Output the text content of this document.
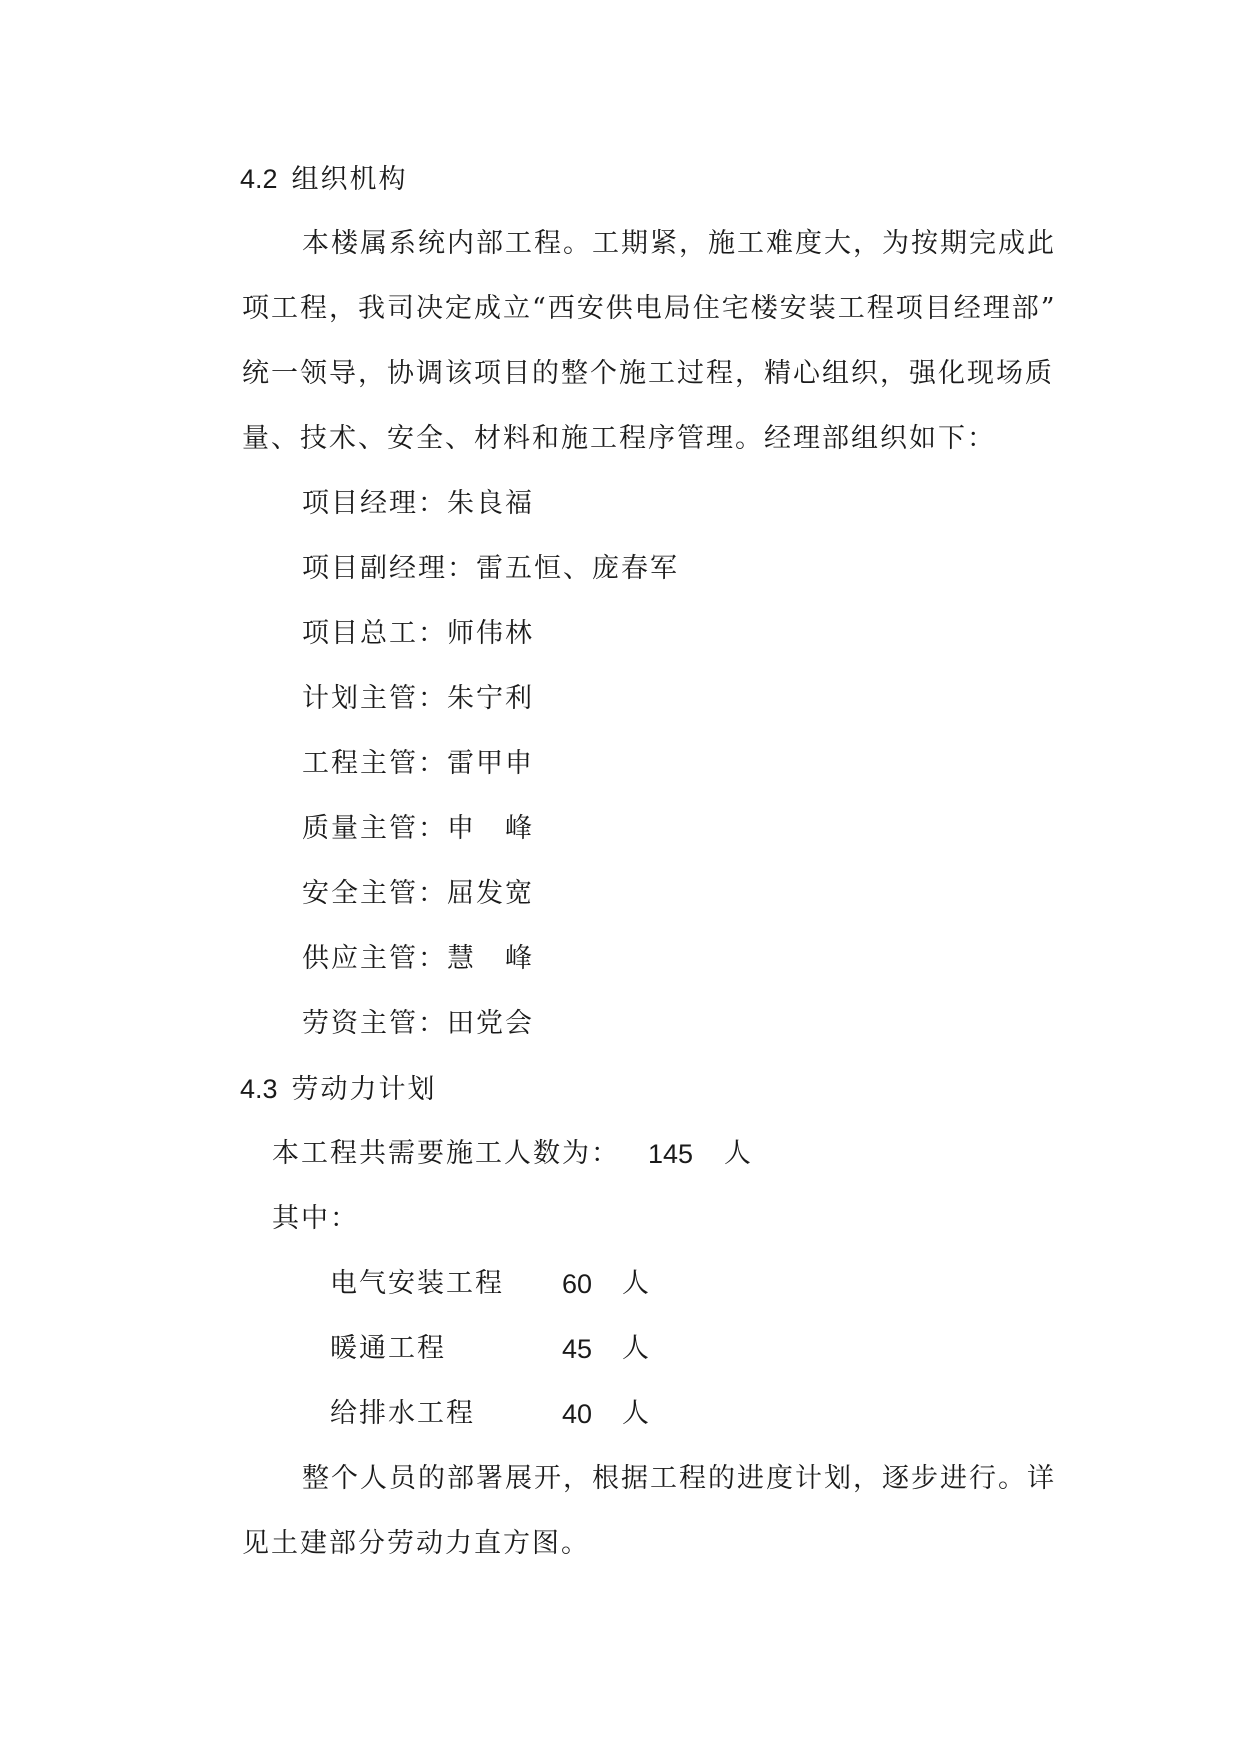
4.2 组织机构
本楼属系统内部工程。工期紧，施工难度大，为按期完成此
项工程，我司决定成立“西安供电局住宅楼安装工程项目经理部”
统一领导，协调该项目的整个施工过程，精心组织，强化现场质
量、技术、安全、材料和施工程序管理。经理部组织如下：
项目经理：朱良福
项目副经理：雷五恒、庞春军
项目总工：师伟林
计划主管：朱宁利
工程主管：雷甲申
质量主管：申　峰
安全主管：屈发宽
供应主管：慧　峰
劳资主管：田党会
4.3 劳动力计划
本工程共需要施工人数为： 145 人
其中：
电气安装工程 60 人
暖通工程	45 人
给排水工程	40 人
整个人员的部署展开，根据工程的进度计划，逐步进行。详
见土建部分劳动力直方图。
